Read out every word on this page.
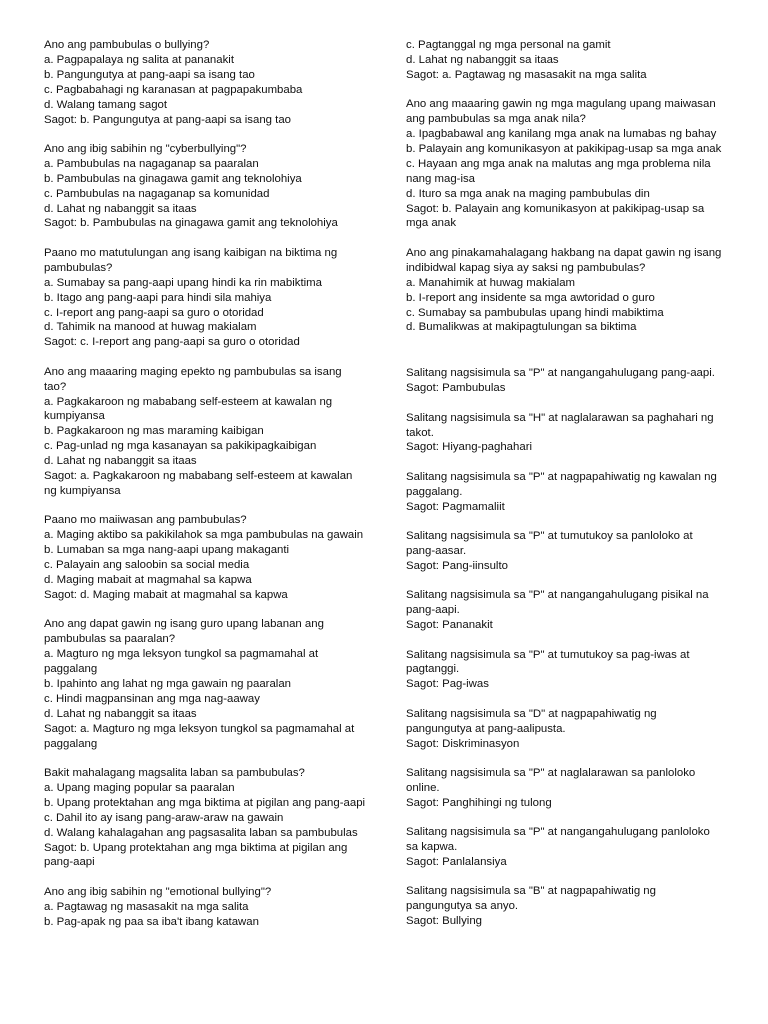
Ano ang pambubulas o bullying?
a. Pagpapalaya ng salita at pananakit
b. Pangungutya at pang-aapi sa isang tao
c. Pagbabahagi ng karanasan at pagpapakumbaba
d. Walang tamang sagot
Sagot: b. Pangungutya at pang-aapi sa isang tao
Ano ang ibig sabihin ng "cyberbullying"?
a. Pambubulas na nagaganap sa paaralan
b. Pambubulas na ginagawa gamit ang teknolohiya
c. Pambubulas na nagaganap sa komunidad
d. Lahat ng nabanggit sa itaas
Sagot: b. Pambubulas na ginagawa gamit ang teknolohiya
Paano mo matutulungan ang isang kaibigan na biktima ng pambubulas?
a. Sumabay sa pang-aapi upang hindi ka rin mabiktima
b. Itago ang pang-aapi para hindi sila mahiya
c. I-report ang pang-aapi sa guro o otoridad
d. Tahimik na manood at huwag makialam
Sagot: c. I-report ang pang-aapi sa guro o otoridad
Ano ang maaaring maging epekto ng pambubulas sa isang tao?
a. Pagkakaroon ng mababang self-esteem at kawalan ng kumpiyansa
b. Pagkakaroon ng mas maraming kaibigan
c. Pag-unlad ng mga kasanayan sa pakikipagkaibigan
d. Lahat ng nabanggit sa itaas
Sagot: a. Pagkakaroon ng mababang self-esteem at kawalan ng kumpiyansa
Paano mo maiiwasan ang pambubulas?
a. Maging aktibo sa pakikilahok sa mga pambubulas na gawain
b. Lumaban sa mga nang-aapi upang makaganti
c. Palayain ang saloobin sa social media
d. Maging mabait at magmahal sa kapwa
Sagot: d. Maging mabait at magmahal sa kapwa
Ano ang dapat gawin ng isang guro upang labanan ang pambubulas sa paaralan?
a. Magturo ng mga leksyon tungkol sa pagmamahal at paggalang
b. Ipahinto ang lahat ng mga gawain ng paaralan
c. Hindi magpansinan ang mga nag-aaway
d. Lahat ng nabanggit sa itaas
Sagot: a. Magturo ng mga leksyon tungkol sa pagmamahal at paggalang
Bakit mahalagang magsalita laban sa pambubulas?
a. Upang maging popular sa paaralan
b. Upang protektahan ang mga biktima at pigilan ang pang-aapi
c. Dahil ito ay isang pang-araw-araw na gawain
d. Walang kahalagahan ang pagsasalita laban sa pambubulas
Sagot: b. Upang protektahan ang mga biktima at pigilan ang pang-aapi
Ano ang ibig sabihin ng "emotional bullying"?
a. Pagtawag ng masasakit na mga salita
b. Pag-apak ng paa sa iba't ibang katawan
c. Pagtanggal ng mga personal na gamit
d. Lahat ng nabanggit sa itaas
Sagot: a. Pagtawag ng masasakit na mga salita
Ano ang maaaring gawin ng mga magulang upang maiwasan ang pambubulas sa mga anak nila?
a. Ipagbabawal ang kanilang mga anak na lumabas ng bahay
b. Palayain ang komunikasyon at pakikipag-usap sa mga anak
c. Hayaan ang mga anak na malutas ang mga problema nila nang mag-isa
d. Ituro sa mga anak na maging pambubulas din
Sagot: b. Palayain ang komunikasyon at pakikipag-usap sa mga anak
Ano ang pinakamahalagang hakbang na dapat gawin ng isang indibidwal kapag siya ay saksi ng pambubulas?
a. Manahimik at huwag makialam
b. I-report ang insidente sa mga awtoridad o guro
c. Sumabay sa pambubulas upang hindi mabiktima
d. Bumalikwas at makipagtulungan sa biktima
Salitang nagsisimula sa "P" at nangangahulugang pang-aapi.
Sagot: Pambubulas
Salitang nagsisimula sa "H" at naglalarawan sa paghahari ng takot.
Sagot: Hiyang-paghahari
Salitang nagsisimula sa "P" at nagpapahiwatig ng kawalan ng paggalang.
Sagot: Pagmamaliit
Salitang nagsisimula sa "P" at tumutukoy sa panloloko at pang-aasar.
Sagot: Pang-iinsulto
Salitang nagsisimula sa "P" at nangangahulugang pisikal na pang-aapi.
Sagot: Pananakit
Salitang nagsisimula sa "P" at tumutukoy sa pag-iwas at pagtanggi.
Sagot: Pag-iwas
Salitang nagsisimula sa "D" at nagpapahiwatig ng pangungutya at pang-aalipusta.
Sagot: Diskriminasyon
Salitang nagsisimula sa "P" at naglalarawan sa panloloko online.
Sagot: Panghihingi ng tulong
Salitang nagsisimula sa "P" at nangangahulugang panloloko sa kapwa.
Sagot: Panlalansiya
Salitang nagsisimula sa "B" at nagpapahiwatig ng pangungutya sa anyo.
Sagot: Bullying
